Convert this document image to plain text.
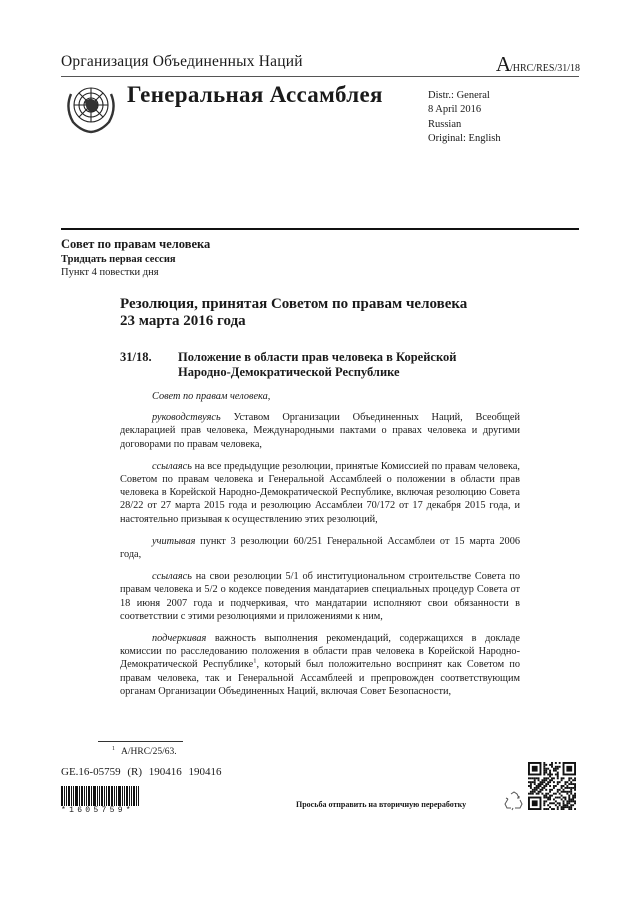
Организация Объединенных Наций	A/HRC/RES/31/18
Генеральная Ассамблея	Distr.: General
8 April 2016
Russian
Original: English
Совет по правам человека
Тридцать первая сессия
Пункт 4 повестки дня
Резолюция, принятая Советом по правам человека
23 марта 2016 года
31/18. Положение в области прав человека в Корейской
Народно-Демократической Республике

Совет по правам человека,

руководствуясь Уставом Организации Объединенных Наций, Всеобщей декларацией прав человека, Международными пактами о правах человека и другими договорами по правам человека,

ссылаясь на все предыдущие резолюции, принятые Комиссией по правам человека, Советом по правам человека и Генеральной Ассамблеей о положении в области прав человека в Корейской Народно-Демократической Республике, включая резолюцию Совета 28/22 от 27 марта 2015 года и резолюцию Ассамблеи 70/172 от 17 декабря 2015 года, и настоятельно призывая к осуществлению этих резолюций,

учитывая пункт 3 резолюции 60/251 Генеральной Ассамблеи от 15 марта 2006 года,

ссылаясь на свои резолюции 5/1 об институциональном строительстве Совета по правам человека и 5/2 о кодексе поведения мандатариев специальных процедур Совета от 18 июня 2007 года и подчеркивая, что мандатарии исполняют свои обязанности в соответствии с этими резолюциями и приложениями к ним,

подчеркивая важность выполнения рекомендаций, содержащихся в докладе комиссии по расследованию положения в области прав человека в Корейской Народно-Демократической Республике$^1$, который был положительно воспринят как Советом по правам человека, так и Генеральной Ассамблеей и препровожден соответствующим органам Организации Объединенных Наций, включая Совет Безопасности,

$^1$ A/HRC/25/63.
GE.16-05759 (R) 190416 190416
*1605759*
Просьба отправить на вторичную переработку
